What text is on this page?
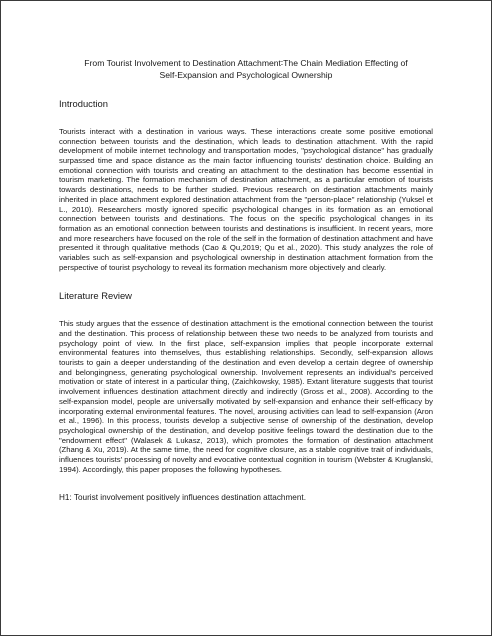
From Tourist Involvement to Destination Attachment∶The Chain Mediation Effecting of
Self-Expansion and Psychological Ownership
Introduction

Tourists interact with a destination in various ways. These interactions create some positive emotional connection between tourists and the destination, which leads to destination attachment. With the rapid development of mobile internet technology and transportation modes, "psychological distance" has gradually surpassed time and space distance as the main factor influencing tourists' destination choice. Building an emotional connection with tourists and creating an attachment to the destination has become essential in tourism marketing. The formation mechanism of destination attachment, as a particular emotion of tourists towards destinations, needs to be further studied. Previous research on destination attachments mainly inherited in place attachment explored destination attachment from the "person-place" relationship (Yuksel et L., 2010). Researchers mostly ignored specific psychological changes in its formation as an emotional connection between tourists and destinations. The focus on the specific psychological changes in its formation as an emotional connection between tourists and destinations is insufficient. In recent years, more and more researchers have focused on the role of the self in the formation of destination attachment and have presented it through qualitative methods (Cao & Qu,2019; Qu et al., 2020). This study analyzes the role of variables such as self-expansion and psychological ownership in destination attachment formation from the perspective of tourist psychology to reveal its formation mechanism more objectively and clearly.

Literature Review

This study argues that the essence of destination attachment is the emotional connection between the tourist and the destination. This process of relationship between these two needs to be analyzed from tourists and psychology point of view. In the first place, self-expansion implies that people incorporate external environmental features into themselves, thus establishing relationships. Secondly, self-expansion allows tourists to gain a deeper understanding of the destination and even develop a certain degree of ownership and belongingness, generating psychological ownership. Involvement represents an individual's perceived motivation or state of interest in a particular thing, (Zaichkowsky, 1985). Extant literature suggests that tourist involvement influences destination attachment directly and indirectly (Gross et al., 2008). According to the self-expansion model, people are universally motivated by self-expansion and enhance their self-efficacy by incorporating external environmental features. The novel, arousing activities can lead to self-expansion (Aron et al., 1996). In this process, tourists develop a subjective sense of ownership of the destination, develop psychological ownership of the destination, and develop positive feelings toward the destination due to the "endowment effect" (Walasek & Lukasz, 2013), which promotes the formation of destination attachment (Zhang & Xu, 2019). At the same time, the need for cognitive closure, as a stable cognitive trait of individuals, influences tourists' processing of novelty and evocative contextual cognition in tourism (Webster & Kruglanski, 1994). Accordingly, this paper proposes the following hypotheses.

H1: Tourist involvement positively influences destination attachment.
